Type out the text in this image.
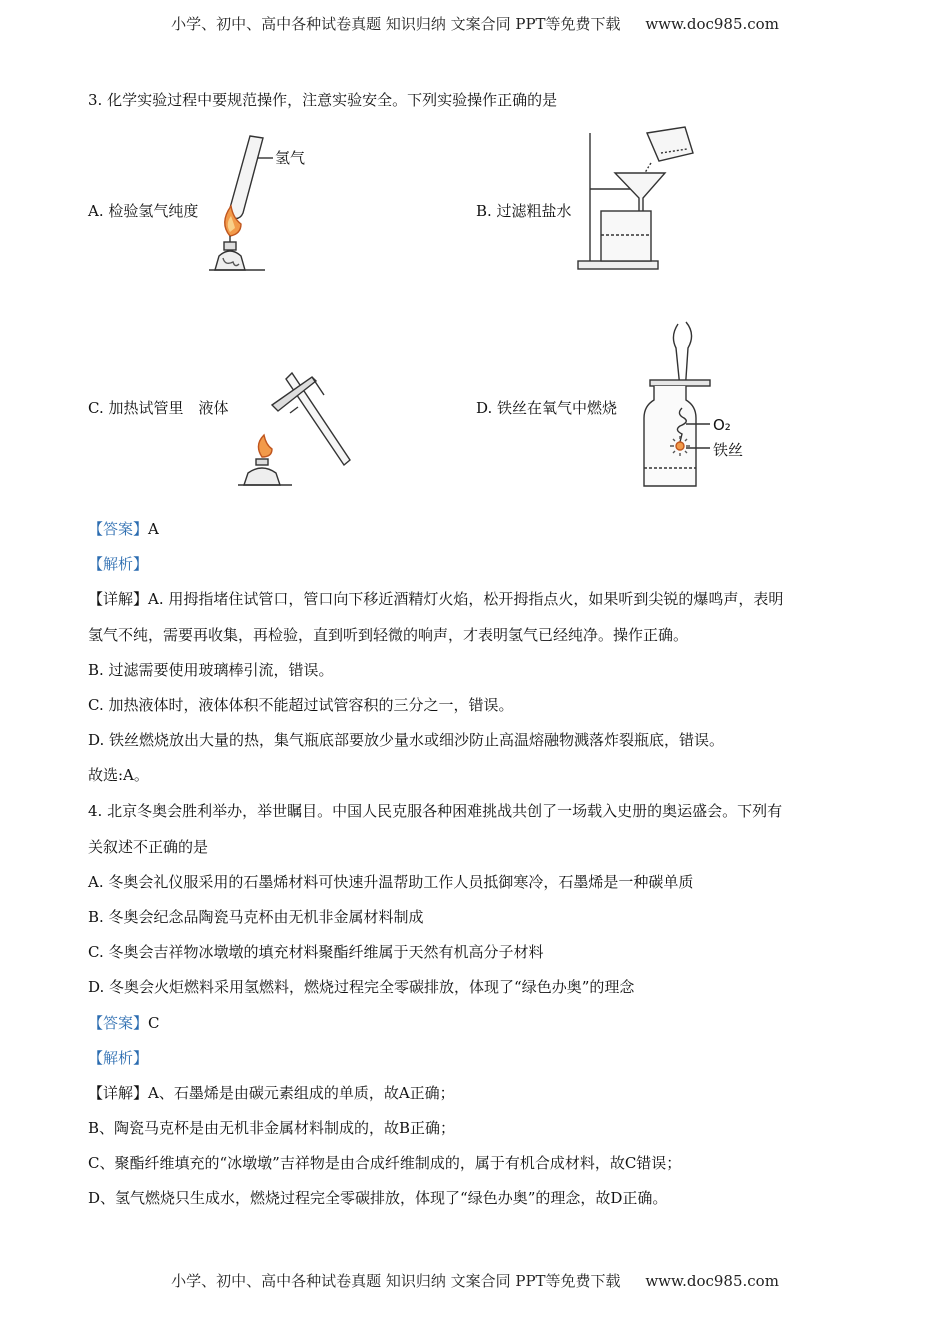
小学、初中、高中各种试卷真题 知识归纳 文案合同 PPT等免费下载 www.doc985.com
3. 化学实验过程中要规范操作，注意实验安全。下列实验操作正确的是
A. 检验氢气纯度	B. 过滤粗盐水
C. 加热试管里　液体	D. 铁丝在氧气中燃烧
氢气
O₂
铁丝
【答案】A
【解析】
【详解】A. 用拇指堵住试管口，管口向下移近酒精灯火焰，松开拇指点火，如果听到尖锐的爆鸣声，表明
氢气不纯，需要再收集，再检验，直到听到轻微的响声，才表明氢气已经纯净。操作正确。
B. 过滤需要使用玻璃棒引流，错误。
C. 加热液体时，液体体积不能超过试管容积的三分之一，错误。
D. 铁丝燃烧放出大量的热，集气瓶底部要放少量水或细沙防止高温熔融物溅落炸裂瓶底，错误。
故选:A。
4. 北京冬奥会胜利举办，举世瞩目。中国人民克服各种困难挑战共创了一场载入史册的奥运盛会。下列有
关叙述不正确的是
A. 冬奥会礼仪服采用的石墨烯材料可快速升温帮助工作人员抵御寒冷，石墨烯是一种碳单质
B. 冬奥会纪念品陶瓷马克杯由无机非金属材料制成
C. 冬奥会吉祥物冰墩墩的填充材料聚酯纤维属于天然有机高分子材料
D. 冬奥会火炬燃料采用氢燃料，燃烧过程完全零碳排放，体现了“绿色办奥”的理念
【答案】C
【解析】
【详解】A、石墨烯是由碳元素组成的单质，故A正确；
B、陶瓷马克杯是由无机非金属材料制成的，故B正确；
C、聚酯纤维填充的“冰墩墩”吉祥物是由合成纤维制成的，属于有机合成材料，故C错误；
D、氢气燃烧只生成水，燃烧过程完全零碳排放，体现了“绿色办奥”的理念，故D正确。
小学、初中、高中各种试卷真题 知识归纳 文案合同 PPT等免费下载 www.doc985.com
